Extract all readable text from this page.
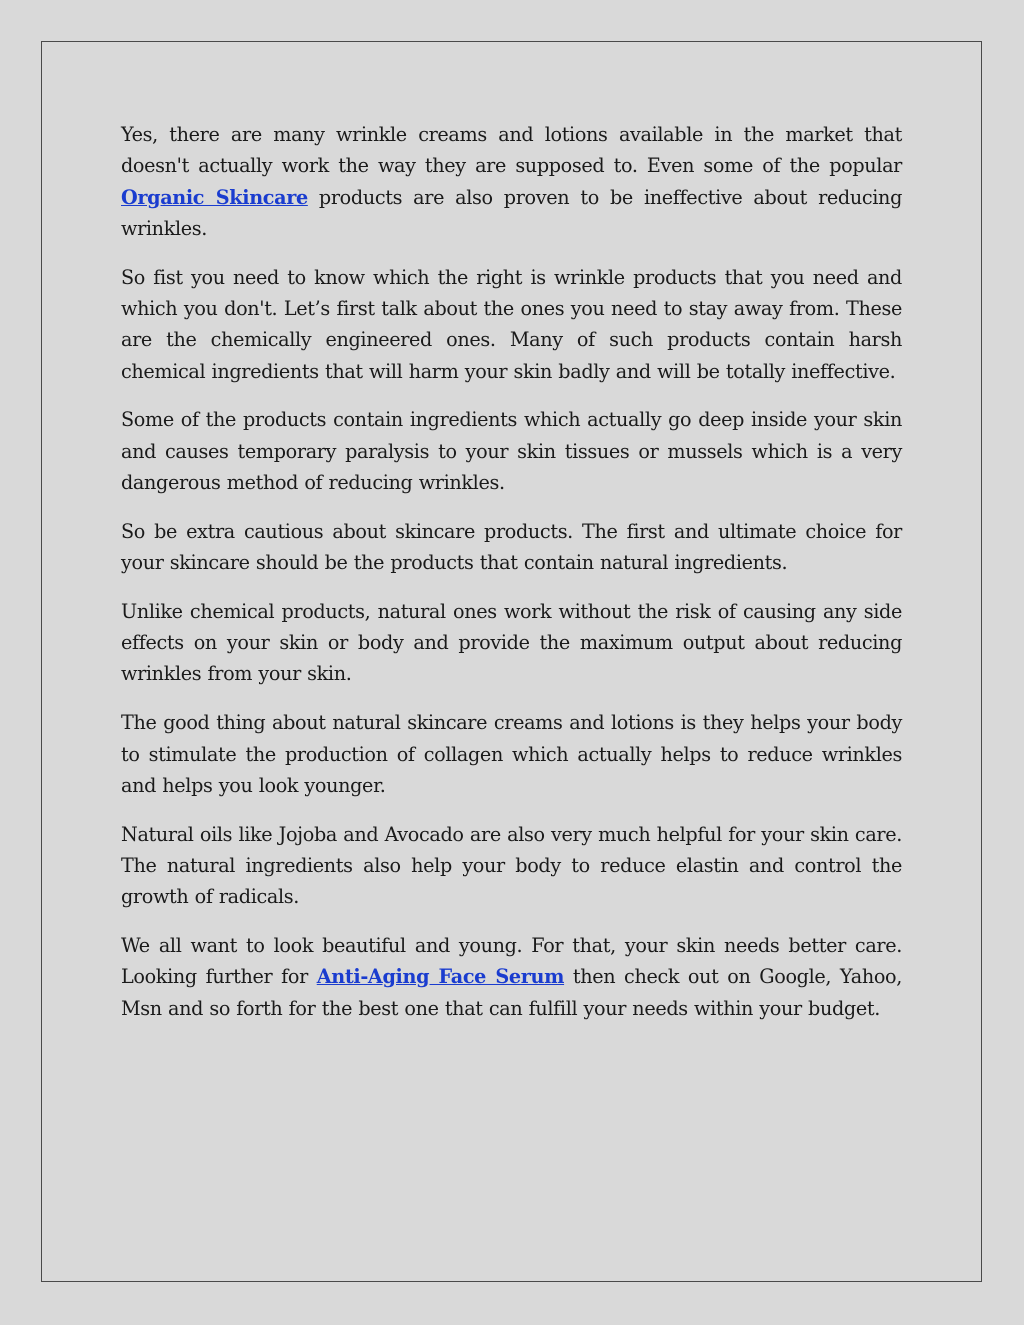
Yes, there are many wrinkle creams and lotions available in the market that doesn't actually work the way they are supposed to. Even some of the popular Organic Skincare products are also proven to be ineffective about reducing wrinkles.

So fist you need to know which the right is wrinkle products that you need and which you don't. Let’s first talk about the ones you need to stay away from. These are the chemically engineered ones. Many of such products contain harsh chemical ingredients that will harm your skin badly and will be totally ineffective.

Some of the products contain ingredients which actually go deep inside your skin and causes temporary paralysis to your skin tissues or mussels which is a very dangerous method of reducing wrinkles.

So be extra cautious about skincare products. The first and ultimate choice for your skincare should be the products that contain natural ingredients.

Unlike chemical products, natural ones work without the risk of causing any side effects on your skin or body and provide the maximum output about reducing wrinkles from your skin.

The good thing about natural skincare creams and lotions is they helps your body to stimulate the production of collagen which actually helps to reduce wrinkles and helps you look younger.

Natural oils like Jojoba and Avocado are also very much helpful for your skin care. The natural ingredients also help your body to reduce elastin and control the growth of radicals.

We all want to look beautiful and young. For that, your skin needs better care. Looking further for Anti-Aging Face Serum then check out on Google, Yahoo, Msn and so forth for the best one that can fulfill your needs within your budget.
